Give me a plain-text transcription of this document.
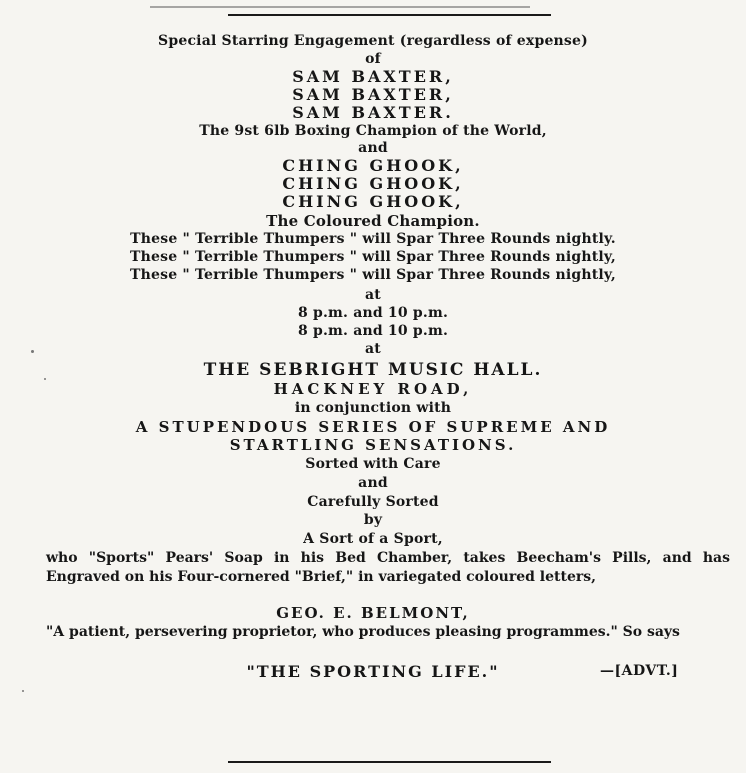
Special Starring Engagement (regardless of expense)
of
SAM BAXTER,
SAM BAXTER,
SAM BAXTER.
The 9st 6lb Boxing Champion of the World,
and
CHING GHOOK,
CHING GHOOK,
CHING GHOOK,
The Coloured Champion.
These " Terrible Thumpers " will Spar Three Rounds nightly.
These " Terrible Thumpers " will Spar Three Rounds nightly,
These " Terrible Thumpers " will Spar Three Rounds nightly,
at
8 p.m. and 10 p.m.
8 p.m. and 10 p.m.
at
THE SEBRIGHT MUSIC HALL.
HACKNEY ROAD,
in conjunction with
A STUPENDOUS SERIES OF SUPREME AND
STARTLING SENSATIONS.
Sorted with Care
and
Carefully Sorted
by
A Sort of a Sport,
who "Sports" Pears' Soap in his Bed Chamber, takes Beecham's Pills, and has Engraved on his Four-cornered "Brief," in variegated coloured letters,
GEO. E. BELMONT,
"A patient, persevering proprietor, who produces pleasing programmes." So says
"THE SPORTING LIFE."	—[ADVT.]
